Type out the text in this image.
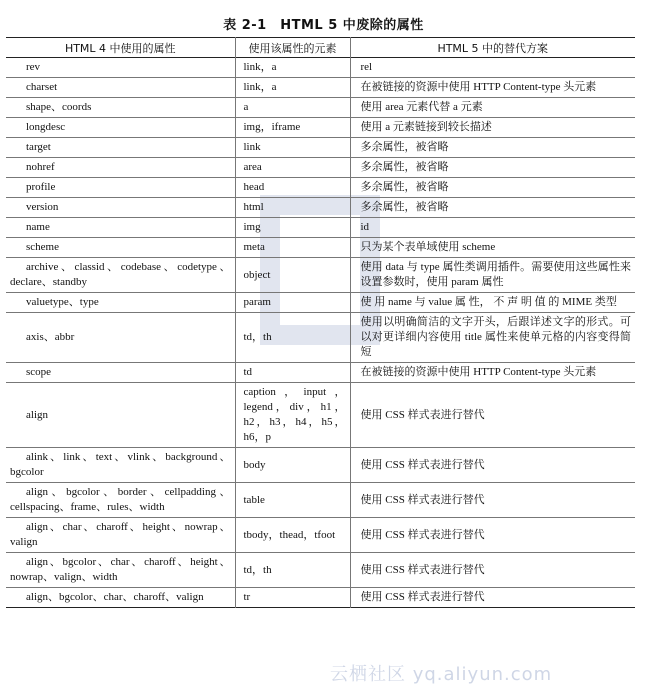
表 2-1　HTML 5 中废除的属性
HTML 4 中使用的属性	使用该属性的元素	HTML 5 中的替代方案
rev	link，a	rel
charset	link，a	在被链接的资源中使用 HTTP Content-type 头元素
shape、coords	a	使用 area 元素代替 a 元素
longdesc	img，iframe	使用 a 元素链接到较长描述
target	link	多余属性，被省略
nohref	area	多余属性，被省略
profile	head	多余属性，被省略
version	html	多余属性，被省略
name	img	id
scheme	meta	只为某个表单域使用 scheme
archive、classid、codebase、codetype、declare、standby	object	使用 data 与 type 属性类调用插件。需要使用这些属性来设置参数时，使用 param 属性
valuetype、type	param	使 用 name 与 value 属 性， 不 声 明 值 的 MIME 类型
axis、abbr	td，th	使用以明确简洁的文字开头，后跟详述文字的形式。可以对更详细内容使用 title 属性来使单元格的内容变得简短
scope	td	在被链接的资源中使用 HTTP Content-type 头元素
align	caption，input，legend，div，h1，h2，h3，h4，h5，h6，p	使用 CSS 样式表进行替代
alink、link、text、vlink、background、bgcolor	body	使用 CSS 样式表进行替代
align、bgcolor、border、cellpadding、cellspacing、frame、rules、width	table	使用 CSS 样式表进行替代
align、char、charoff、height、nowrap、valign	tbody，thead，tfoot	使用 CSS 样式表进行替代
align、bgcolor、char、charoff、height、nowrap、valign、width	td，th	使用 CSS 样式表进行替代
align、bgcolor、char、charoff、valign	tr	使用 CSS 样式表进行替代
云栖社区 yq.aliyun.com
